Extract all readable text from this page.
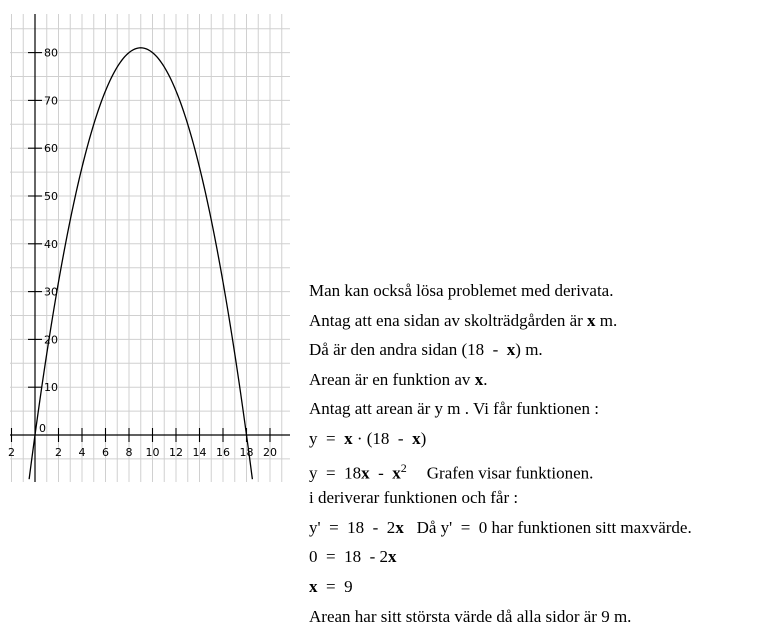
2	2 4 6 8 10 12 14 16 18 20
10
20
30
40
50
60
70
80
0
Man kan också lösa problemet med derivata.
Antag att ena sidan av skolträdgården är x m.
Då är den andra sidan (18  -  x) m.
Arean är en funktion av x.
Antag att arean är y m . Vi får funktionen :
y  =  x · (18  -  x)
$y = 18x - x^2$ Grafen visar funktionen.
i deriverar funktionen och får :
y'  =  18  -  2x   Då y'  =  0 har funktionen sitt maxvärde.
0  =  18  - 2x
x  =  9
Arean har sitt största värde då alla sidor är 9 m.
